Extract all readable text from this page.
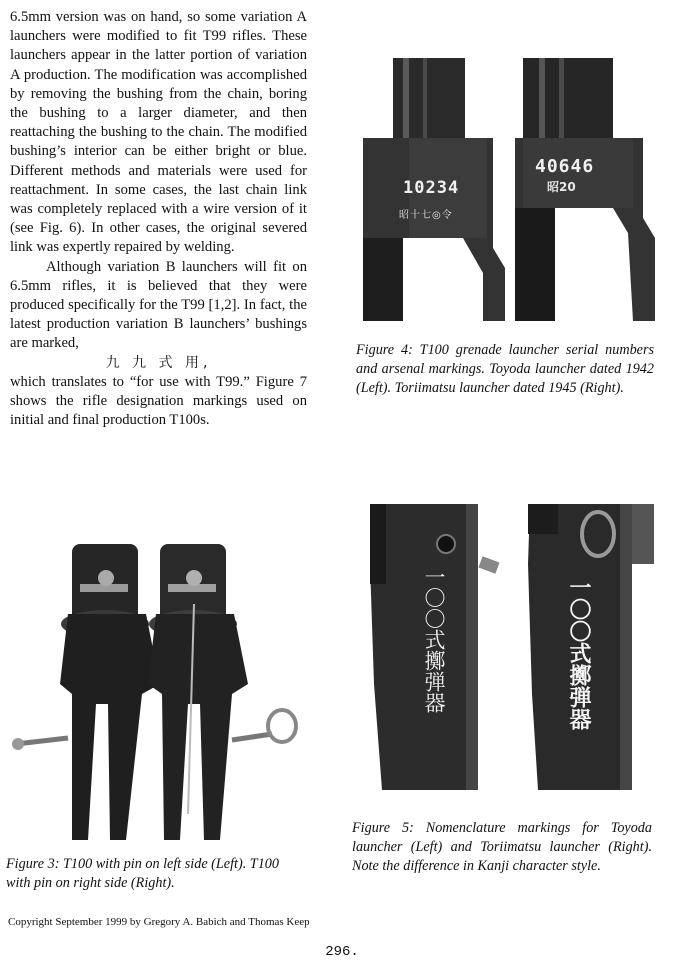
6.5mm version was on hand, so some variation A launchers were modified to fit T99 rifles. These launchers appear in the latter portion of variation A production. The modification was accomplished by removing the bushing from the chain, boring the bushing to a larger diameter, and then reattaching the bushing to the chain. The modified bushing’s interior can be either bright or blue. Different methods and materials were used for reattachment. In some cases, the last chain link was completely replaced with a wire version of it (see Fig. 6). In other cases, the original severed link was expertly repaired by welding.

Although variation B launchers will fit on 6.5mm rifles, it is believed that they were produced specifically for the T99 [1,2]. In fact, the latest production variation B launchers’ bushings are marked,

九 九 式 用,

which translates to “for use with T99.” Figure 7 shows the rifle designation markings used on initial and final production T100s.

10234
昭十七◎令
40646
昭20
Figure 4: T100 grenade launcher serial numbers and arsenal markings. Toyoda launcher dated 1942 (Left). Toriimatsu launcher dated 1945 (Right).
一〇〇式擲弾器	一〇〇式擲弾器
Figure 5: Nomenclature markings for Toyoda launcher (Left) and Toriimatsu launcher (Right). Note the difference in Kanji character style.
Figure 3: T100 with pin on left side (Left). T100 with pin on right side (Right).
Copyright September 1999 by Gregory A. Babich and Thomas Keep
296.
